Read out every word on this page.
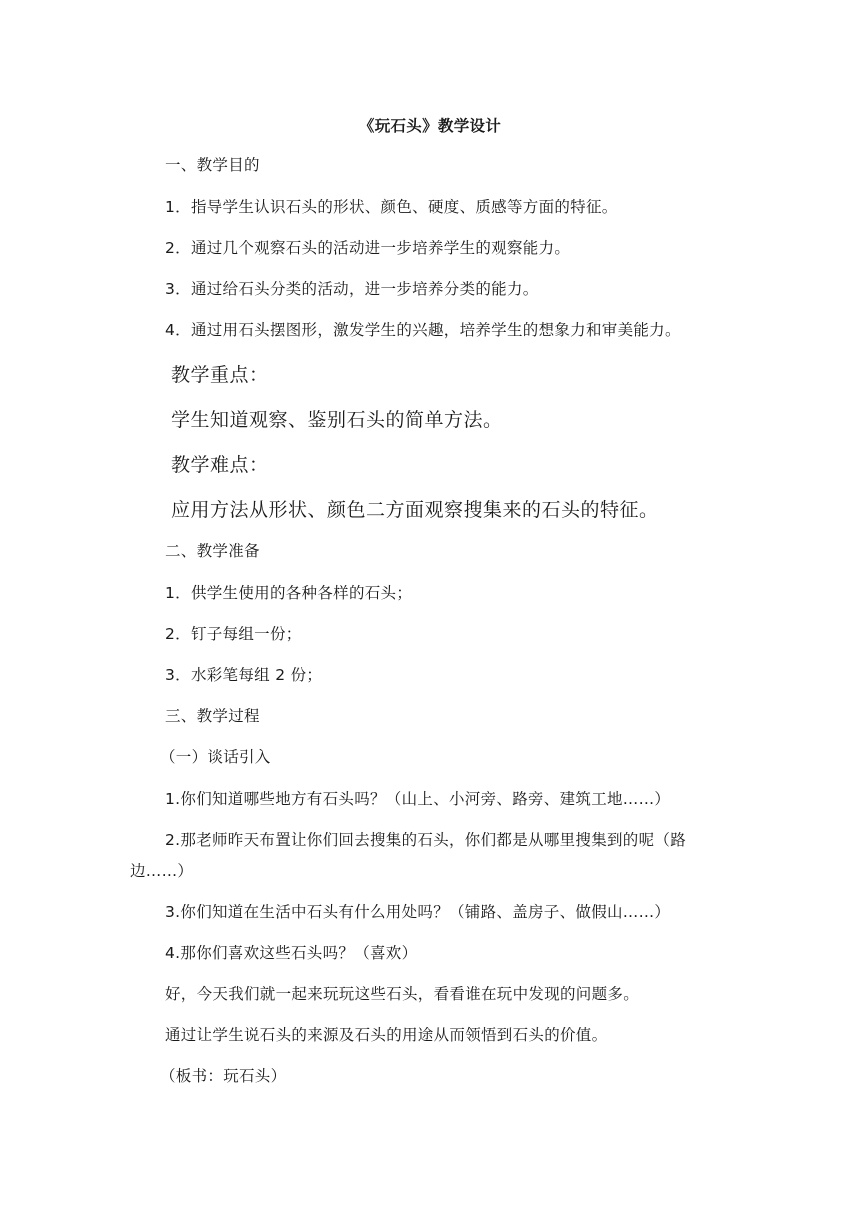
《玩石头》教学设计
一、教学目的
1．指导学生认识石头的形状、颜色、硬度、质感等方面的特征。
2．通过几个观察石头的活动进一步培养学生的观察能力。
3．通过给石头分类的活动，进一步培养分类的能力。
4．通过用石头摆图形，激发学生的兴趣，培养学生的想象力和审美能力。
教学重点：
学生知道观察、鉴别石头的简单方法。
教学难点：
应用方法从形状、颜色二方面观察搜集来的石头的特征。
二、教学准备
1．供学生使用的各种各样的石头；
2．钉子每组一份；
3．水彩笔每组 2 份；
三、教学过程
（一）谈话引入
1.你们知道哪些地方有石头吗？（山上、小河旁、路旁、建筑工地……）
2.那老师昨天布置让你们回去搜集的石头，你们都是从哪里搜集到的呢（路边……）
3.你们知道在生活中石头有什么用处吗？（铺路、盖房子、做假山……）
4.那你们喜欢这些石头吗？（喜欢）
好，今天我们就一起来玩玩这些石头，看看谁在玩中发现的问题多。
通过让学生说石头的来源及石头的用途从而领悟到石头的价值。
（板书：玩石头）
